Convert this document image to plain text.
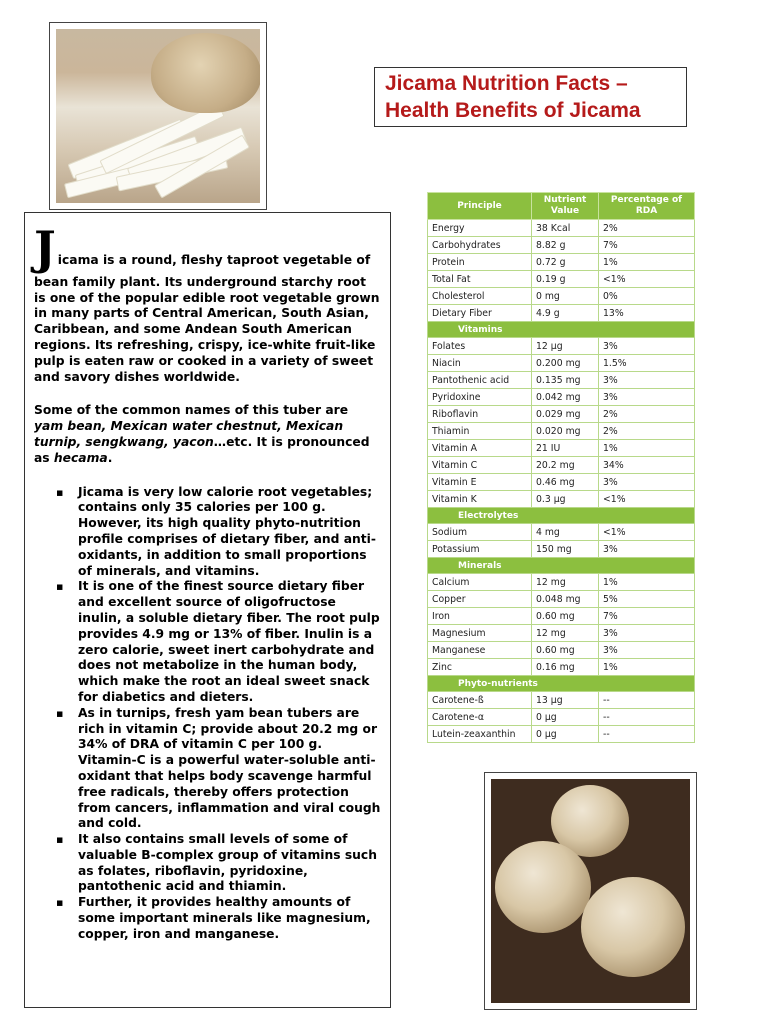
Jicama Nutrition Facts –
Health Benefits of Jicama

J icama is a round, fleshy taproot vegetable of
bean family plant. Its underground starchy root is one of the popular edible root vegetable grown in many parts of Central American, South Asian, Caribbean, and some Andean South American regions. Its refreshing, crispy, ice-white fruit-like pulp is eaten raw or cooked in a variety of sweet and savory dishes worldwide.

Some of the common names of this tuber are yam bean, Mexican water chestnut, Mexican turnip, sengkwang, yacon…etc. It is pronounced as hecama.

▪ Jicama is very low calorie root vegetables; contains only 35 calories per 100 g. However, its high quality phyto-nutrition profile comprises of dietary fiber, and anti-oxidants, in addition to small proportions of minerals, and vitamins.
▪ It is one of the finest source dietary fiber and excellent source of oligofructose inulin, a soluble dietary fiber. The root pulp provides 4.9 mg or 13% of fiber. Inulin is a zero calorie, sweet inert carbohydrate and does not metabolize in the human body, which make the root an ideal sweet snack for diabetics and dieters.
▪ As in turnips, fresh yam bean tubers are rich in vitamin C; provide about 20.2 mg or 34% of DRA of vitamin C per 100 g. Vitamin-C is a powerful water-soluble anti-oxidant that helps body scavenge harmful free radicals, thereby offers protection from cancers, inflammation and viral cough and cold.
▪ It also contains small levels of some of valuable B-complex group of vitamins such as folates, riboflavin, pyridoxine, pantothenic acid and thiamin.
▪ Further, it provides healthy amounts of some important minerals like magnesium, copper, iron and manganese.
Principle	Nutrient Value	Percentage of RDA
Energy	38 Kcal	2%
Carbohydrates	8.82 g	7%
Protein	0.72 g	1%
Total Fat	0.19 g	<1%
Cholesterol	0 mg	0%
Dietary Fiber	4.9 g	13%
Vitamins		
Folates	12 µg	3%
Niacin	0.200 mg	1.5%
Pantothenic acid	0.135 mg	3%
Pyridoxine	0.042 mg	3%
Riboflavin	0.029 mg	2%
Thiamin	0.020 mg	2%
Vitamin A	21 IU	1%
Vitamin C	20.2 mg	34%
Vitamin E	0.46 mg	3%
Vitamin K	0.3 µg	<1%
Electrolytes		
Sodium	4 mg	<1%
Potassium	150 mg	3%
Minerals		
Calcium	12 mg	1%
Copper	0.048 mg	5%
Iron	0.60 mg	7%
Magnesium	12 mg	3%
Manganese	0.60 mg	3%
Zinc	0.16 mg	1%
Phyto-nutrients		
Carotene-ß	13 µg	--
Carotene-α	0 µg	--
Lutein-zeaxanthin	0 µg	--
